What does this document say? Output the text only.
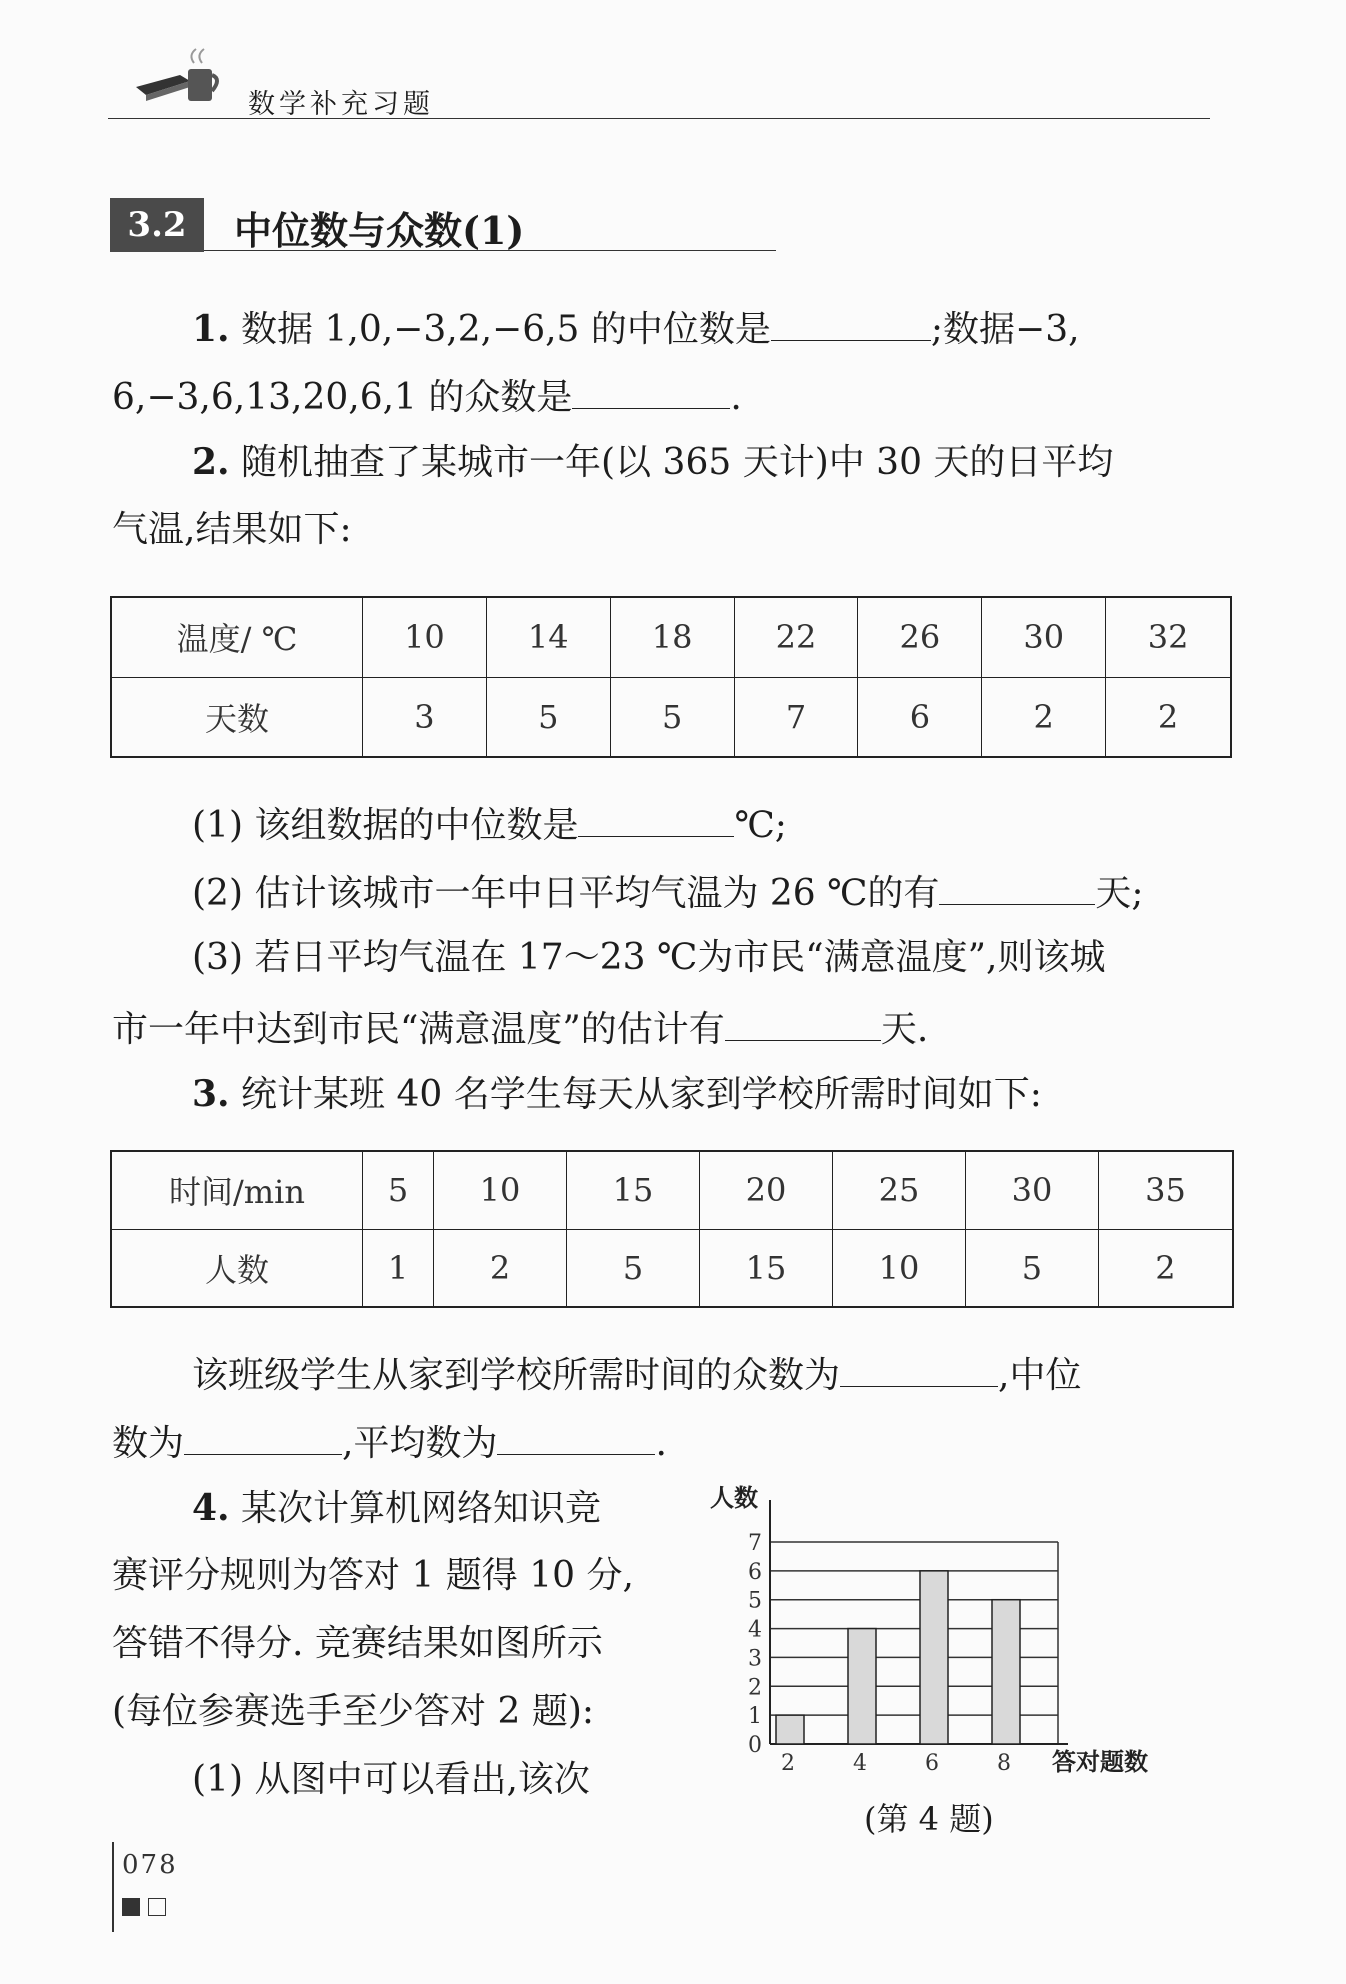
数学补充习题
3.2	中位数与众数(1)
1. 数据 1,0,−3,2,−6,5 的中位数是	;数据−3,
6,−3,6,13,20,6,1 的众数是	.
2. 随机抽查了某城市一年(以 365 天计)中 30 天的日平均
气温,结果如下:
温度/ ℃	10	14	18	22	26	30	32
天数	3	5	5	7	6	2	2
(1) 该组数据的中位数是	℃;
(2) 估计该城市一年中日平均气温为 26 ℃的有	天;
(3) 若日平均气温在 17～23 ℃为市民“满意温度”,则该城
市一年中达到市民“满意温度”的估计有	天.
3. 统计某班 40 名学生每天从家到学校所需时间如下:
时间/min	5	10	15	20	25	30	35
人数	1	2	5	15	10	5	2
该班级学生从家到学校所需时间的众数为	,中位
数为	,平均数为	.
4. 某次计算机网络知识竞
赛评分规则为答对 1 题得 10 分,
答错不得分. 竞赛结果如图所示
(每位参赛选手至少答对 2 题):
(1) 从图中可以看出,该次
0
1
2
3
4
5
6
7
2	4	6	8
人数
答对题数
(第 4 题)
078
